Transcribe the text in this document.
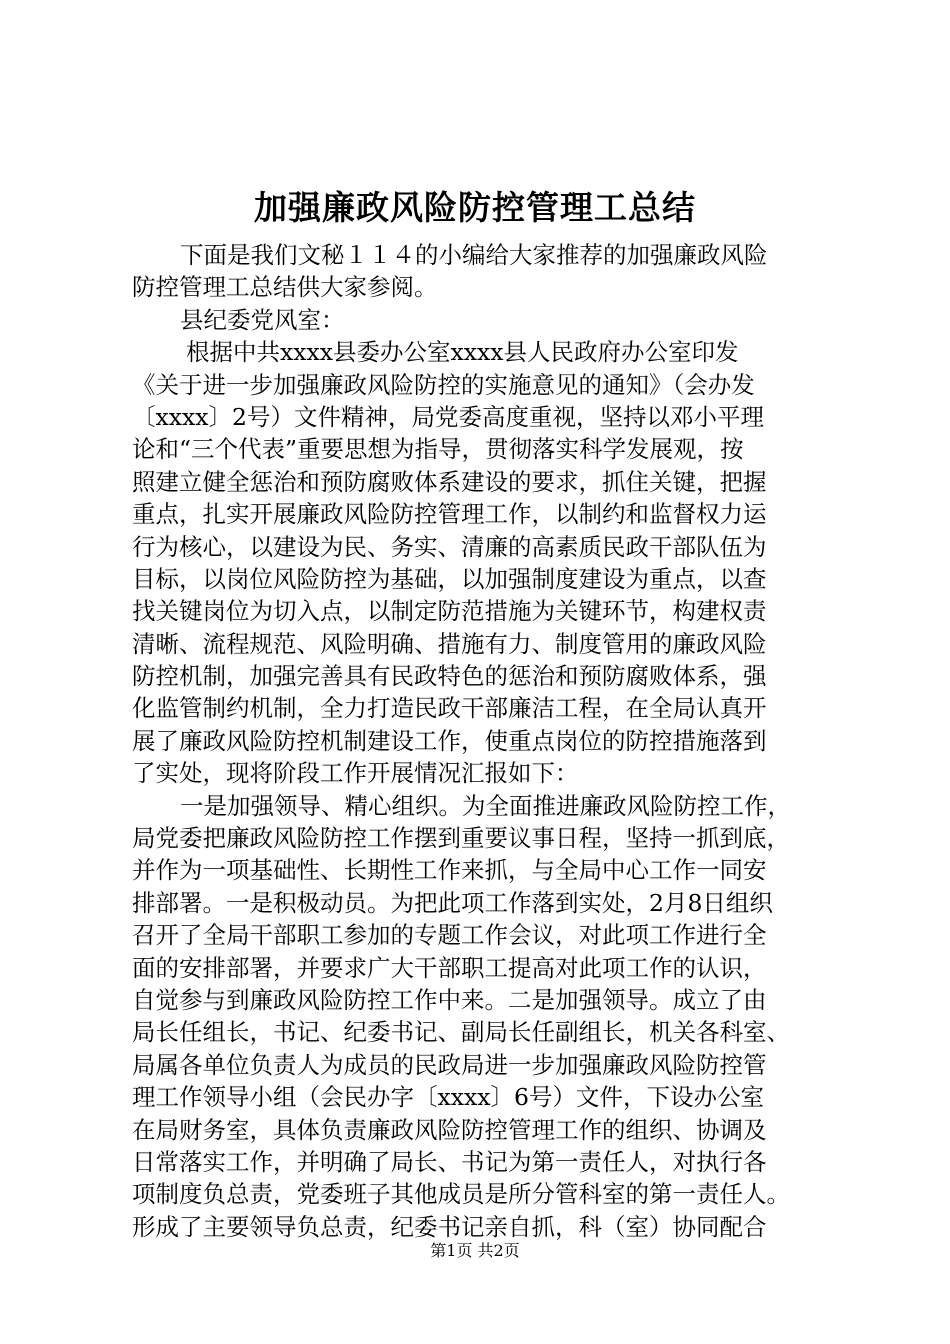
加强廉政风险防控管理工总结
下面是我们文秘１１４的小编给大家推荐的加强廉政风险
防控管理工总结供大家参阅。
县纪委党风室：
根据中共xxxx县委办公室xxxx县人民政府办公室印发
《关于进一步加强廉政风险防控的实施意见的通知》（会办发
〔xxxx〕2号）文件精神，局党委高度重视，坚持以邓小平理
论和“三个代表”重要思想为指导，贯彻落实科学发展观，按
照建立健全惩治和预防腐败体系建设的要求，抓住关键，把握
重点，扎实开展廉政风险防控管理工作，以制约和监督权力运
行为核心，以建设为民、务实、清廉的高素质民政干部队伍为
目标，以岗位风险防控为基础，以加强制度建设为重点，以查
找关键岗位为切入点，以制定防范措施为关键环节，构建权责
清晰、流程规范、风险明确、措施有力、制度管用的廉政风险
防控机制，加强完善具有民政特色的惩治和预防腐败体系，强
化监管制约机制，全力打造民政干部廉洁工程，在全局认真开
展了廉政风险防控机制建设工作，使重点岗位的防控措施落到
了实处，现将阶段工作开展情况汇报如下：
一是加强领导、精心组织。为全面推进廉政风险防控工作，
局党委把廉政风险防控工作摆到重要议事日程，坚持一抓到底，
并作为一项基础性、长期性工作来抓，与全局中心工作一同安
排部署。一是积极动员。为把此项工作落到实处，2月8日组织
召开了全局干部职工参加的专题工作会议，对此项工作进行全
面的安排部署，并要求广大干部职工提高对此项工作的认识，
自觉参与到廉政风险防控工作中来。二是加强领导。成立了由
局长任组长，书记、纪委书记、副局长任副组长，机关各科室、
局属各单位负责人为成员的民政局进一步加强廉政风险防控管
理工作领导小组（会民办字〔xxxx〕6号）文件，下设办公室
在局财务室，具体负责廉政风险防控管理工作的组织、协调及
日常落实工作，并明确了局长、书记为第一责任人，对执行各
项制度负总责，党委班子其他成员是所分管科室的第一责任人。
形成了主要领导负总责，纪委书记亲自抓，科（室）协同配合
第1页 共2页
